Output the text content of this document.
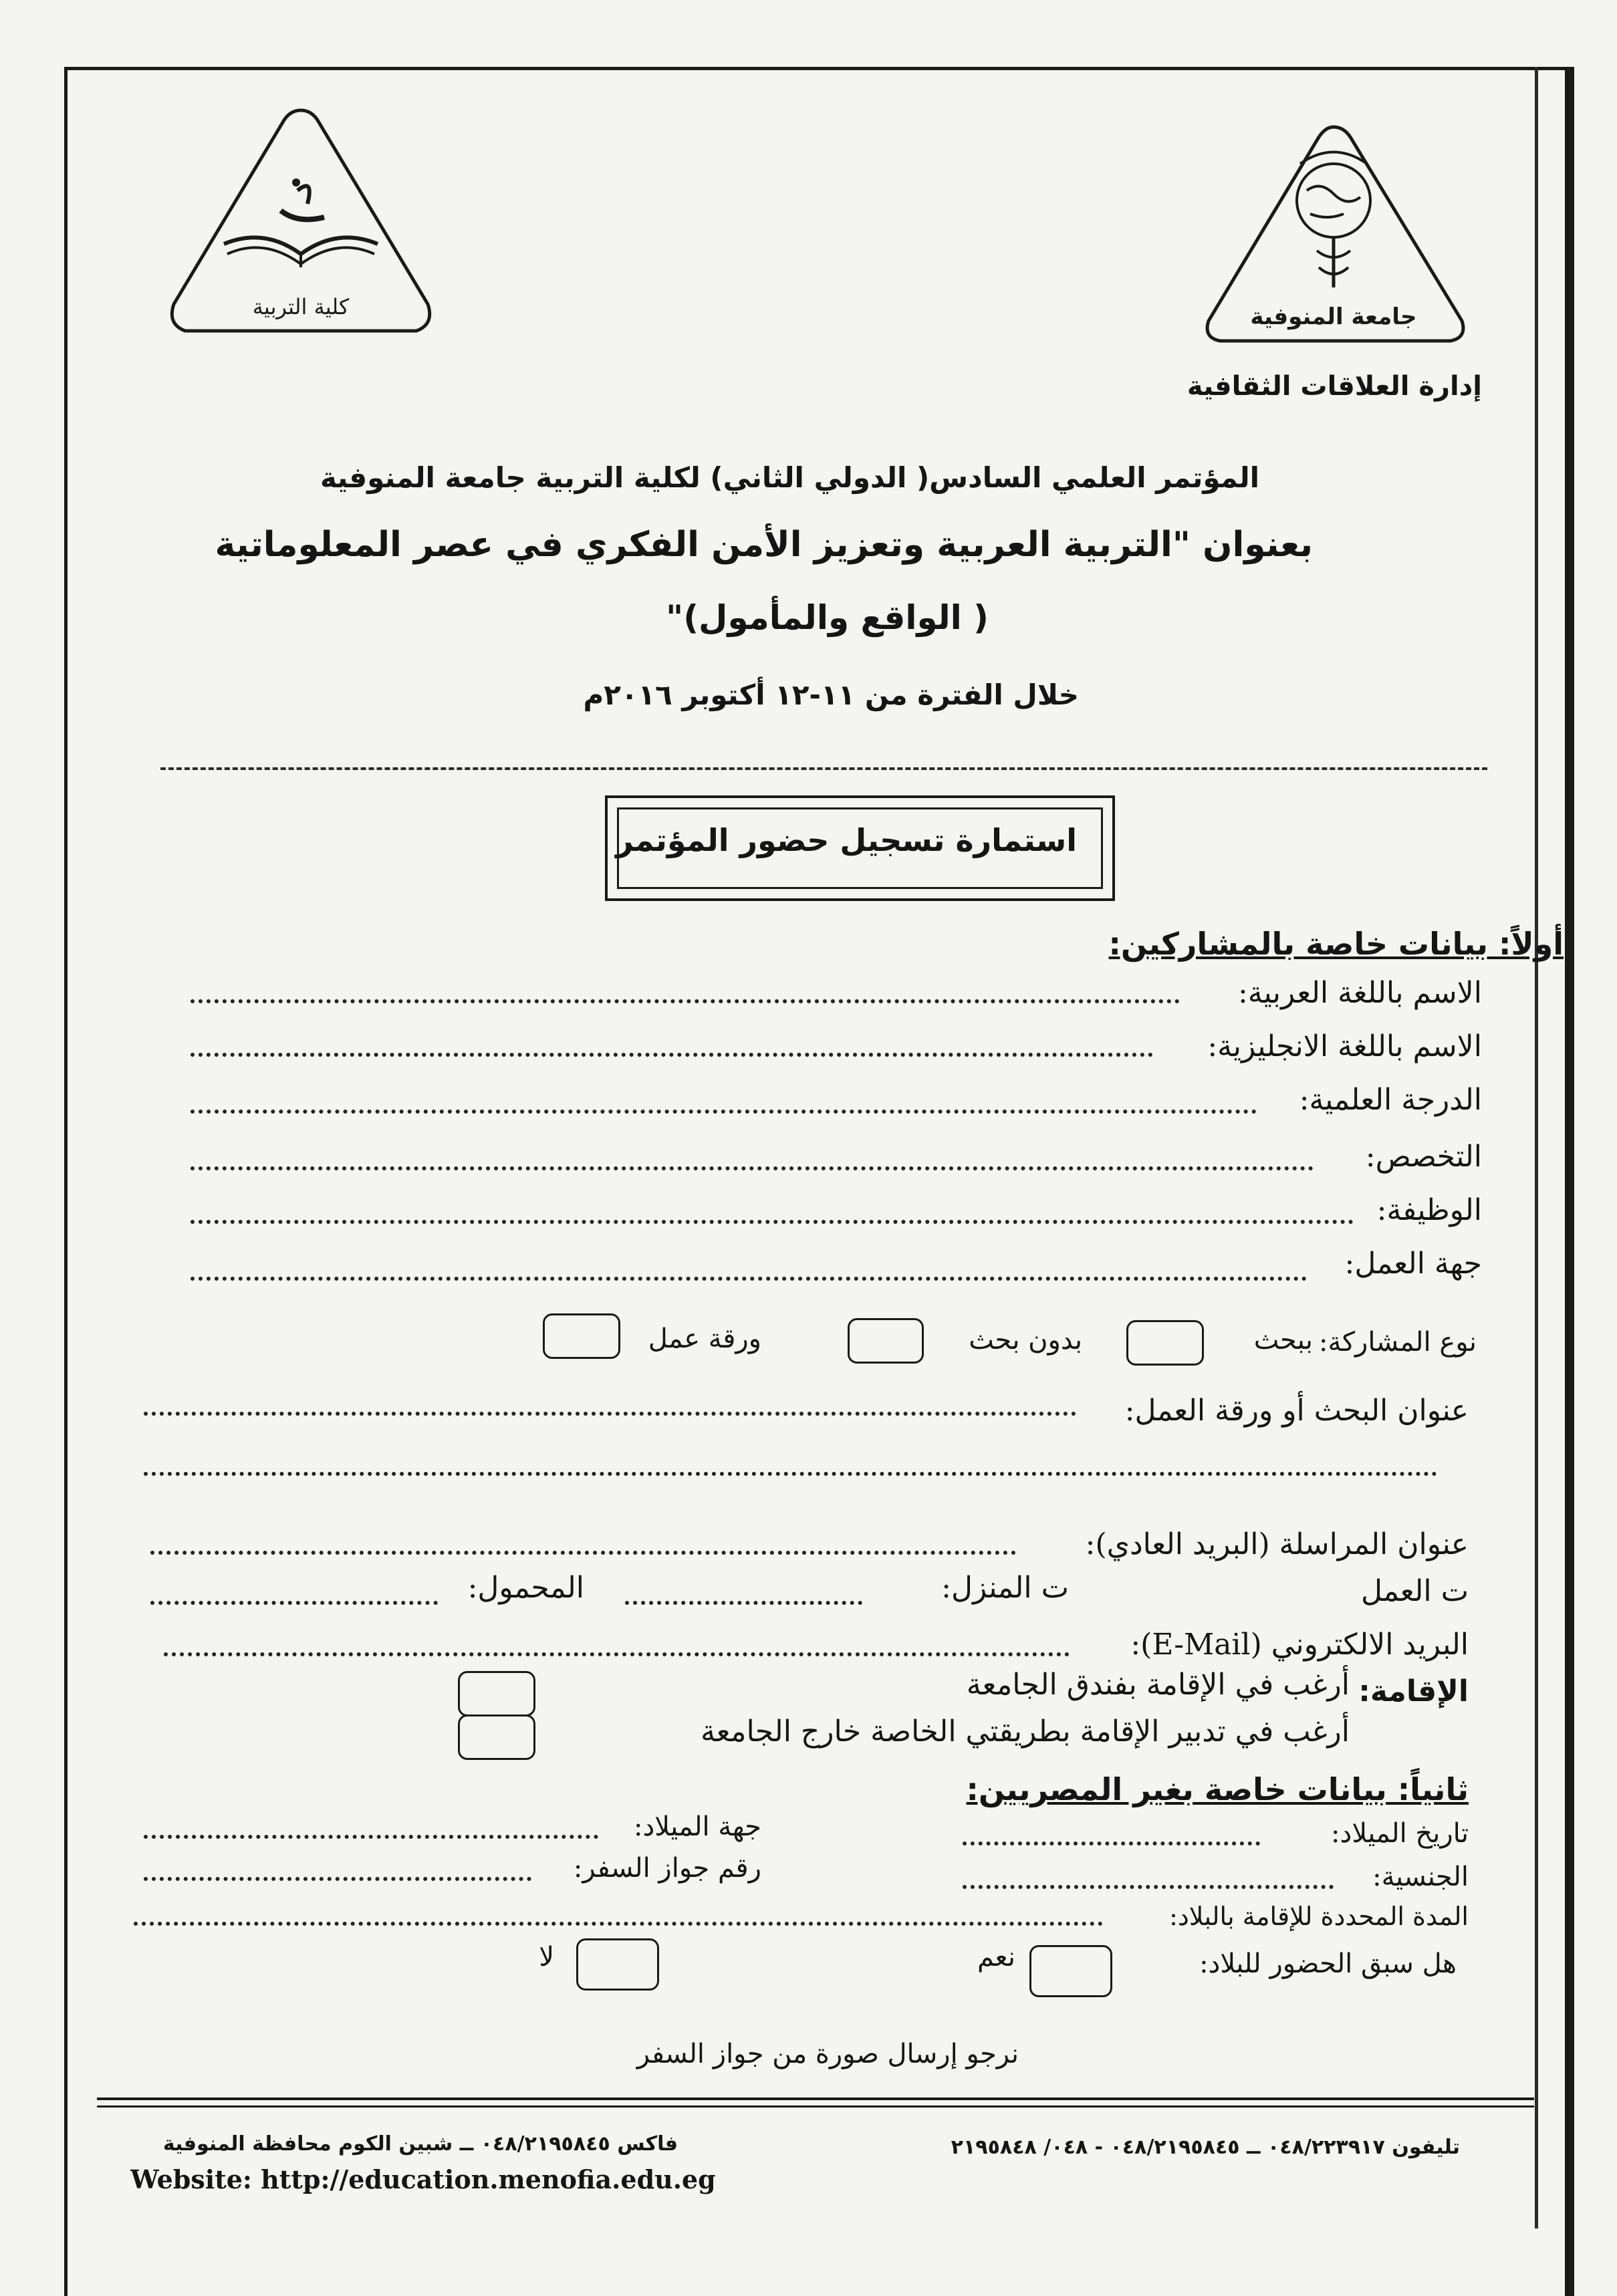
جامعة المنوفية
إدارة العلاقات الثقافية
كلية التربية
المؤتمر العلمي السادس( الدولي الثاني) لكلية التربية جامعة المنوفية
بعنوان "التربية العربية وتعزيز الأمن الفكري في عصر المعلوماتية
( الواقع والمأمول)"
خلال الفترة من ١١-١٢ أكتوبر ٢٠١٦م
استمارة تسجيل حضور المؤتمر
أولاً: بيانات خاصة بالمشاركين:
الاسم باللغة العربية:
الاسم باللغة الانجليزية:
الدرجة العلمية:
التخصص:
الوظيفة:
جهة العمل:
نوع المشاركة:
ببحث
بدون بحث
ورقة عمل
عنوان البحث أو ورقة العمل:
عنوان المراسلة (البريد العادي):
ت العمل
ت المنزل:
المحمول:
البريد الالكتروني (E-Mail):
الإقامة:
أرغب في الإقامة بفندق الجامعة
أرغب في تدبير الإقامة بطريقتي الخاصة خارج الجامعة
ثانياً: بيانات خاصة بغير المصريين:
تاريخ الميلاد:
جهة الميلاد:
الجنسية:
رقم جواز السفر:
المدة المحددة للإقامة بالبلاد:
هل سبق الحضور للبلاد:
نعم
لا
نرجو إرسال صورة من جواز السفر
تليفون ٠٤٨/٢٢٣٩١٧ ــ ٠٤٨/٢١٩٥٨٤٥ - ٠٤٨/ ٢١٩٥٨٤٨
فاكس ٠٤٨/٢١٩٥٨٤٥ ــ شبين الكوم محافظة المنوفية
Website: http://education.menofia.edu.eg
